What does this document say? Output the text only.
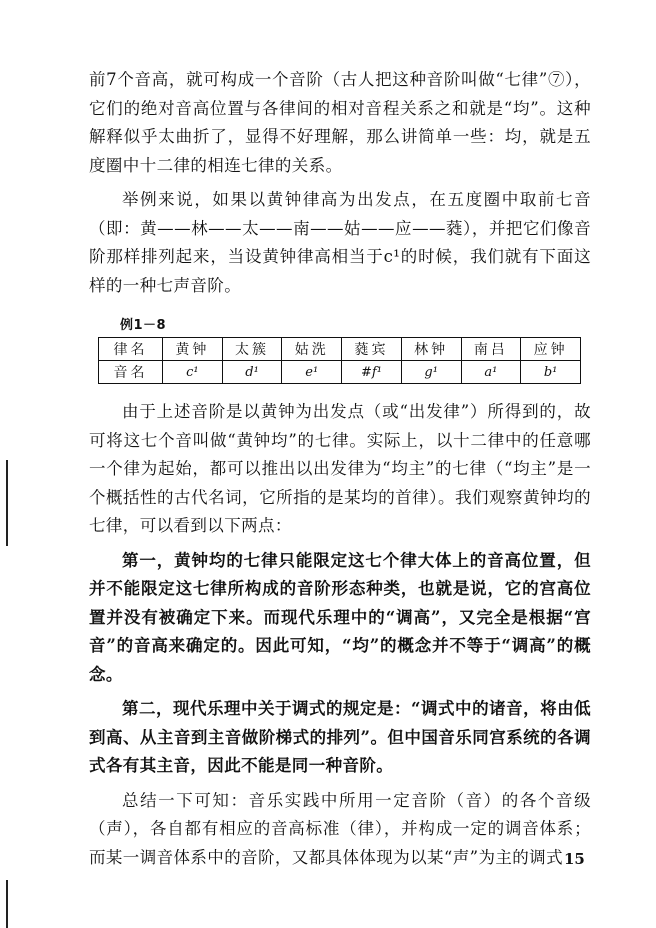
前7个音高，就可构成一个音阶（古人把这种音阶叫做“七律”⑦），它们的绝对音高位置与各律间的相对音程关系之和就是“均”。这种解释似乎太曲折了，显得不好理解，那么讲简单一些：均，就是五度圈中十二律的相连七律的关系。

举例来说，如果以黄钟律高为出发点，在五度圈中取前七音（即：黄——林——太——南——姑——应——蕤），并把它们像音阶那样排列起来，当设黄钟律高相当于c¹的时候，我们就有下面这样的一种七声音阶。

例1－8
律名	黄钟	太簇	姑洗	蕤宾	林钟	南吕	应钟
音名	c¹	d¹	e¹	#f¹	g¹	a¹	b¹

由于上述音阶是以黄钟为出发点（或“出发律”）所得到的，故可将这七个音叫做“黄钟均”的七律。实际上，以十二律中的任意哪一个律为起始，都可以推出以出发律为“均主”的七律（“均主”是一个概括性的古代名词，它所指的是某均的首律）。我们观察黄钟均的七律，可以看到以下两点：

第一，黄钟均的七律只能限定这七个律大体上的音高位置，但并不能限定这七律所构成的音阶形态种类，也就是说，它的宫高位置并没有被确定下来。而现代乐理中的“调高”，又完全是根据“宫音”的音高来确定的。因此可知，“均”的概念并不等于“调高”的概念。

第二，现代乐理中关于调式的规定是：“调式中的诸音，将由低到高、从主音到主音做阶梯式的排列”。但中国音乐同宫系统的各调式各有其主音，因此不能是同一种音阶。

总结一下可知：音乐实践中所用一定音阶（音）的各个音级（声），各自都有相应的音高标准（律），并构成一定的调音体系；而某一调音体系中的音阶，又都具体体现为以某“声”为主的调式 15
